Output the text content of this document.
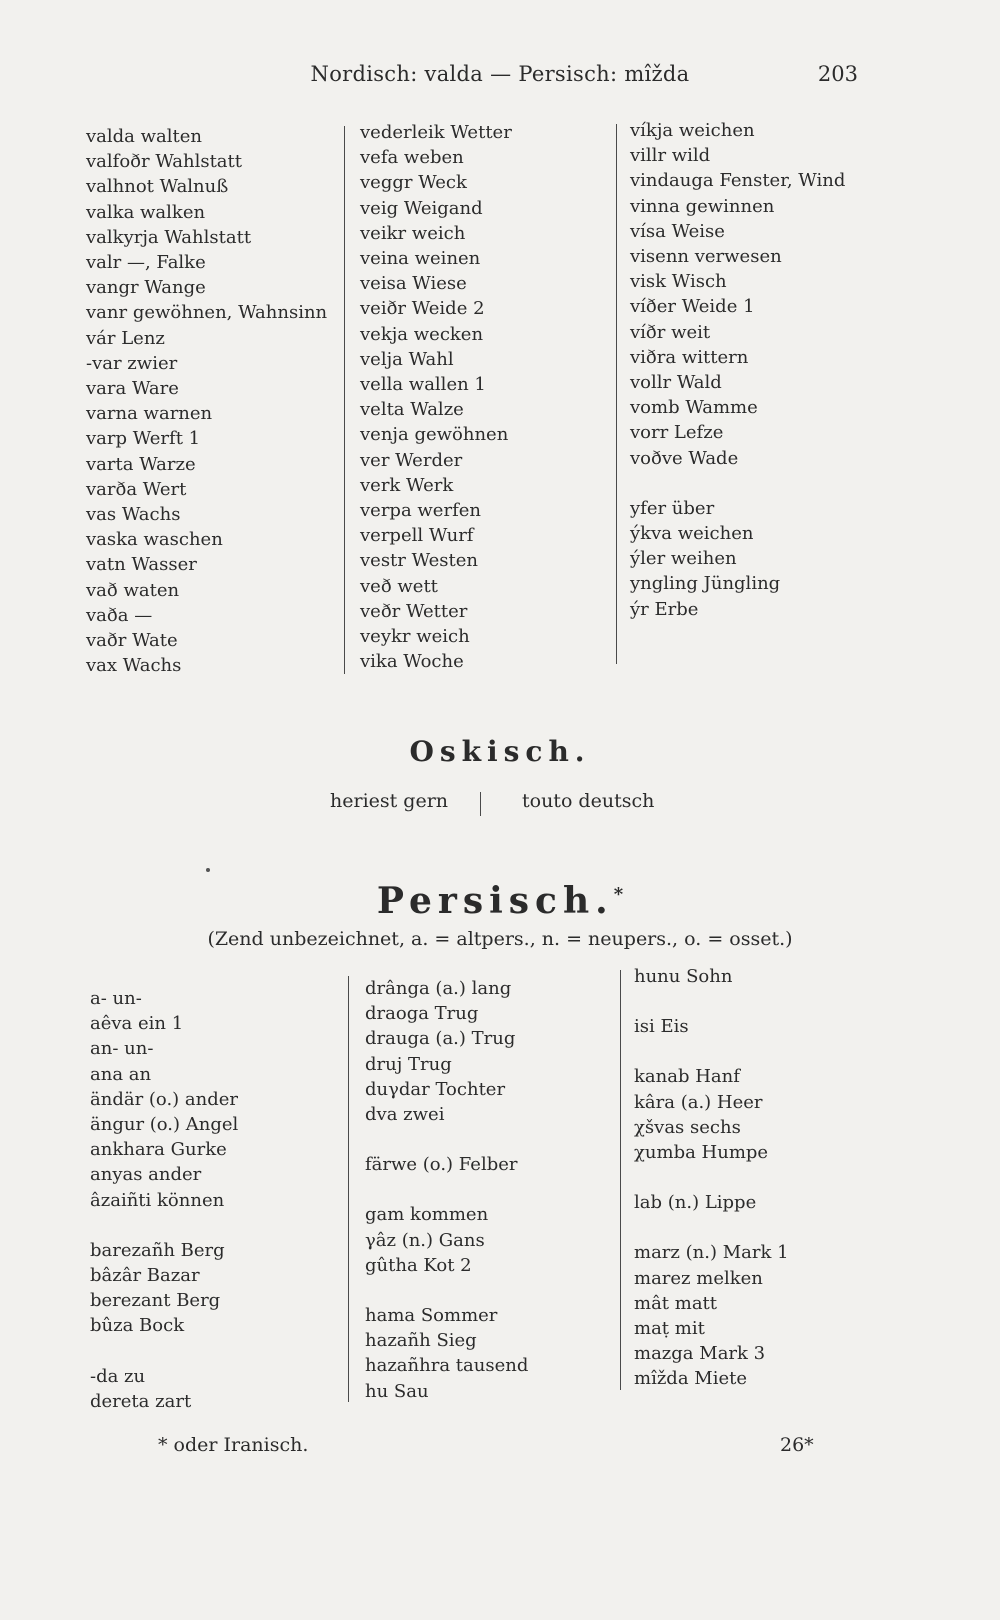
Nordisch: valda — Persisch: mîžda	203
valda walten
valfoðr Wahlstatt
valhnot Walnuß
valka walken
valkyrja Wahlstatt
valr —, Falke
vangr Wange
vanr gewöhnen, Wahnsinn
vár Lenz
-var zwier
vara Ware
varna warnen
varp Werft 1
varta Warze
varða Wert
vas Wachs
vaska waschen
vatn Wasser
vað waten
vaða —
vaðr Wate
vax Wachs
vederleik Wetter
vefa weben
veggr Weck
veig Weigand
veikr weich
veina weinen
veisa Wiese
veiðr Weide 2
vekja wecken
velja Wahl
vella wallen 1
velta Walze
venja gewöhnen
ver Werder
verk Werk
verpa werfen
verpell Wurf
vestr Westen
veð wett
veðr Wetter
veykr weich
vika Woche
víkja weichen
villr wild
vindauga Fenster, Wind
vinna gewinnen
vísa Weise
visenn verwesen
visk Wisch
víðer Weide 1
víðr weit
viðra wittern
vollr Wald
vomb Wamme
vorr Lefze
voðve Wade
yfer über
ýkva weichen
ýler weihen
yngling Jüngling
ýr Erbe
Oskisch.
heriest gern	touto deutsch
Persisch.*
(Zend unbezeichnet, a. = altpers., n. = neupers., o. = osset.)
a- un-
aêva ein 1
an- un-
ana an
ändär (o.) ander
ängur (o.) Angel
ankhara Gurke
anyas ander
âzaiñti können
barezañh Berg
bâzâr Bazar
berezant Berg
bûza Bock
-da zu
dereta zart
drânga (a.) lang
draoga Trug
drauga (a.) Trug
druj Trug
duγdar Tochter
dva zwei
färwe (o.) Felber
gam kommen
γâz (n.) Gans
gûtha Kot 2
hama Sommer
hazañh Sieg
hazañhra tausend
hu Sau
hunu Sohn
isi Eis
kanab Hanf
kâra (a.) Heer
χšvas sechs
χumba Humpe
lab (n.) Lippe
marz (n.) Mark 1
marez melken
mât matt
maṭ mit
mazga Mark 3
mîžda Miete
* oder Iranisch.	26*
